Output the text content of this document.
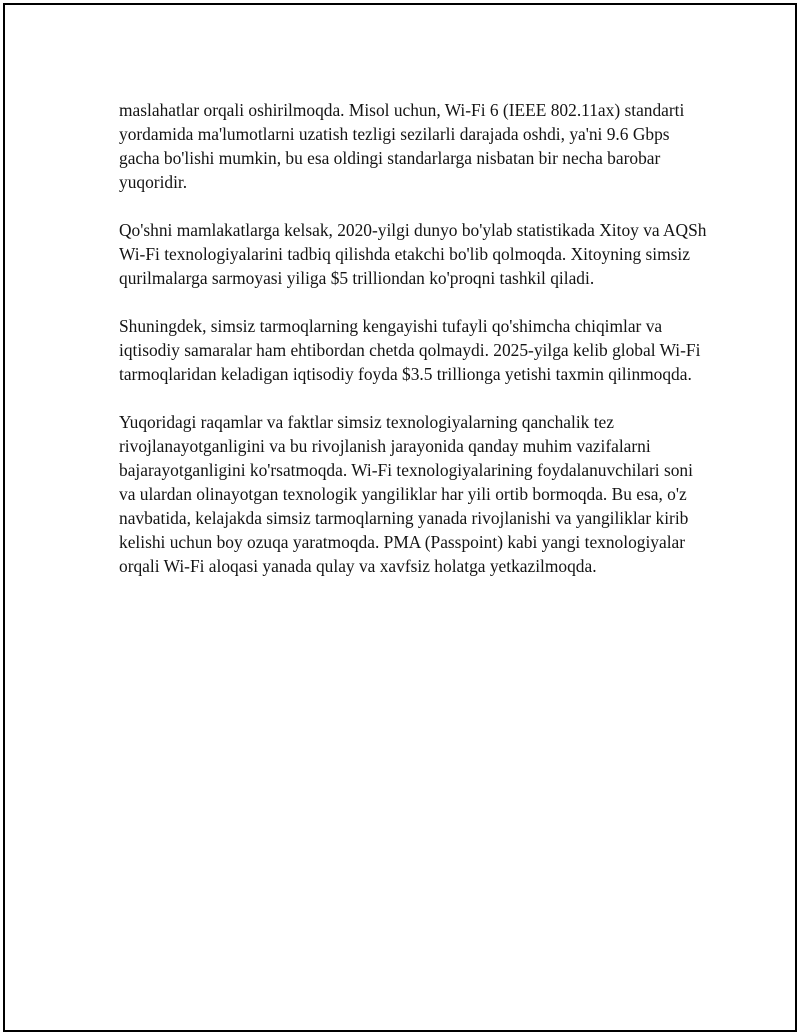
maslahatlar orqali oshirilmoqda. Misol uchun, Wi-Fi 6 (IEEE 802.11ax) standarti yordamida ma'lumotlarni uzatish tezligi sezilarli darajada oshdi, ya'ni 9.6 Gbps gacha bo'lishi mumkin, bu esa oldingi standarlarga nisbatan bir necha barobar yuqoridir.

Qo'shni mamlakatlarga kelsak, 2020-yilgi dunyo bo'ylab statistikada Xitoy va AQSh Wi-Fi texnologiyalarini tadbiq qilishda etakchi bo'lib qolmoqda. Xitoyning simsiz qurilmalarga sarmoyasi yiliga $5 trilliondan ko'proqni tashkil qiladi.

Shuningdek, simsiz tarmoqlarning kengayishi tufayli qo'shimcha chiqimlar va iqtisodiy samaralar ham ehtibordan chetda qolmaydi. 2025-yilga kelib global Wi-Fi tarmoqlaridan keladigan iqtisodiy foyda $3.5 trillionga yetishi taxmin qilinmoqda.

Yuqoridagi raqamlar va faktlar simsiz texnologiyalarning qanchalik tez rivojlanayotganligini va bu rivojlanish jarayonida qanday muhim vazifalarni bajarayotganligini ko'rsatmoqda. Wi-Fi texnologiyalarining foydalanuvchilari soni va ulardan olinayotgan texnologik yangiliklar har yili ortib bormoqda. Bu esa, o'z navbatida, kelajakda simsiz tarmoqlarning yanada rivojlanishi va yangiliklar kirib kelishi uchun boy ozuqa yaratmoqda. PMA (Passpoint) kabi yangi texnologiyalar orqali Wi-Fi aloqasi yanada qulay va xavfsiz holatga yetkazilmoqda.
